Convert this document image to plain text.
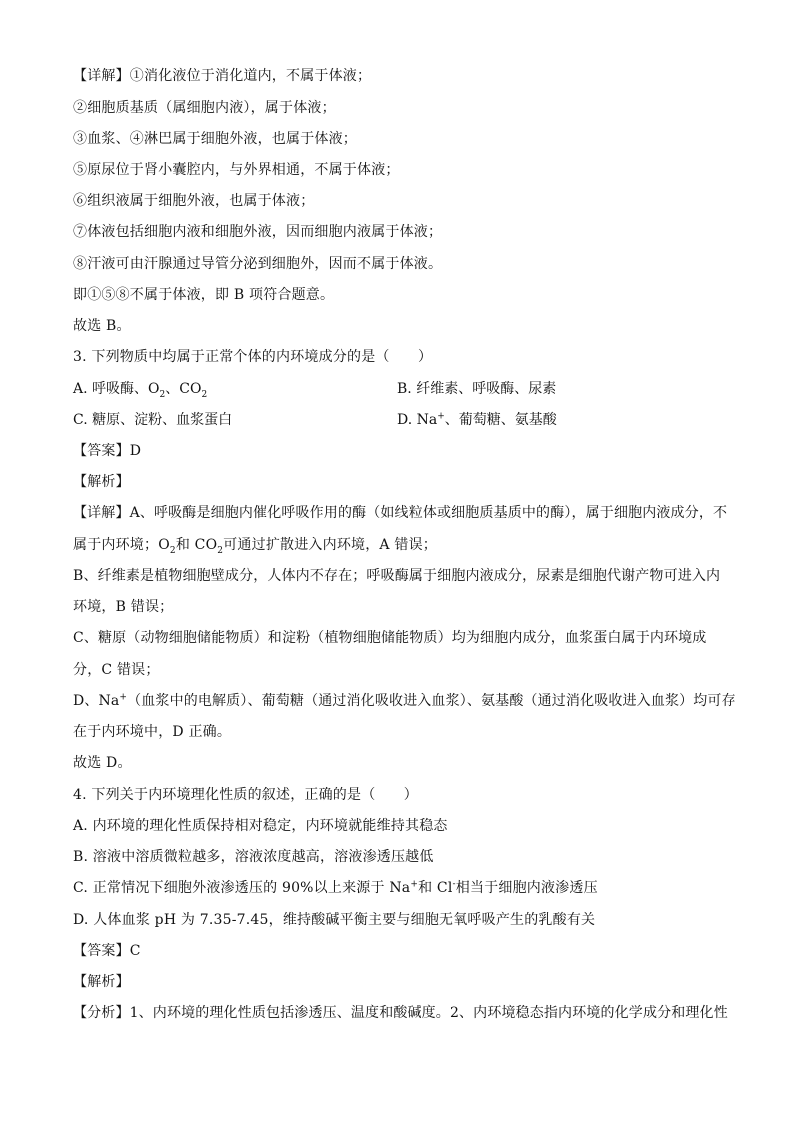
【详解】①消化液位于消化道内，不属于体液；
②细胞质基质（属细胞内液），属于体液；
③血浆、④淋巴属于细胞外液，也属于体液；
⑤原尿位于肾小囊腔内，与外界相通，不属于体液；
⑥组织液属于细胞外液，也属于体液；
⑦体液包括细胞内液和细胞外液，因而细胞内液属于体液；
⑧汗液可由汗腺通过导管分泌到细胞外，因而不属于体液。
即①⑤⑧不属于体液，即 B 项符合题意。
故选 B。
3. 下列物质中均属于正常个体的内环境成分的是（　　）
A. 呼吸酶、$O_2$、$CO_2$	B. 纤维素、呼吸酶、尿素
C. 糖原、淀粉、血浆蛋白	D. Na+、葡萄糖、氨基酸
【答案】D
【解析】
【详解】A、呼吸酶是细胞内催化呼吸作用的酶（如线粒体或细胞质基质中的酶），属于细胞内液成分，不
属于内环境；$O_2$和 $CO_2$可通过扩散进入内环境，A 错误；
B、纤维素是植物细胞壁成分，人体内不存在；呼吸酶属于细胞内液成分，尿素是细胞代谢产物可进入内
环境，B 错误；
C、糖原（动物细胞储能物质）和淀粉（植物细胞储能物质）均为细胞内成分，血浆蛋白属于内环境成
分，C 错误；
D、Na+（血浆中的电解质）、葡萄糖（通过消化吸收进入血浆）、氨基酸（通过消化吸收进入血浆）均可存
在于内环境中，D 正确。
故选 D。
4. 下列关于内环境理化性质的叙述，正确的是（　　）
A. 内环境的理化性质保持相对稳定，内环境就能维持其稳态
B. 溶液中溶质微粒越多，溶液浓度越高，溶液渗透压越低
C. 正常情况下细胞外液渗透压的 90%以上来源于 Na+和 Cl-相当于细胞内液渗透压
D. 人体血浆 pH 为 7.35-7.45，维持酸碱平衡主要与细胞无氧呼吸产生的乳酸有关
【答案】C
【解析】
【分析】1、内环境的理化性质包括渗透压、温度和酸碱度。2、内环境稳态指内环境的化学成分和理化性
